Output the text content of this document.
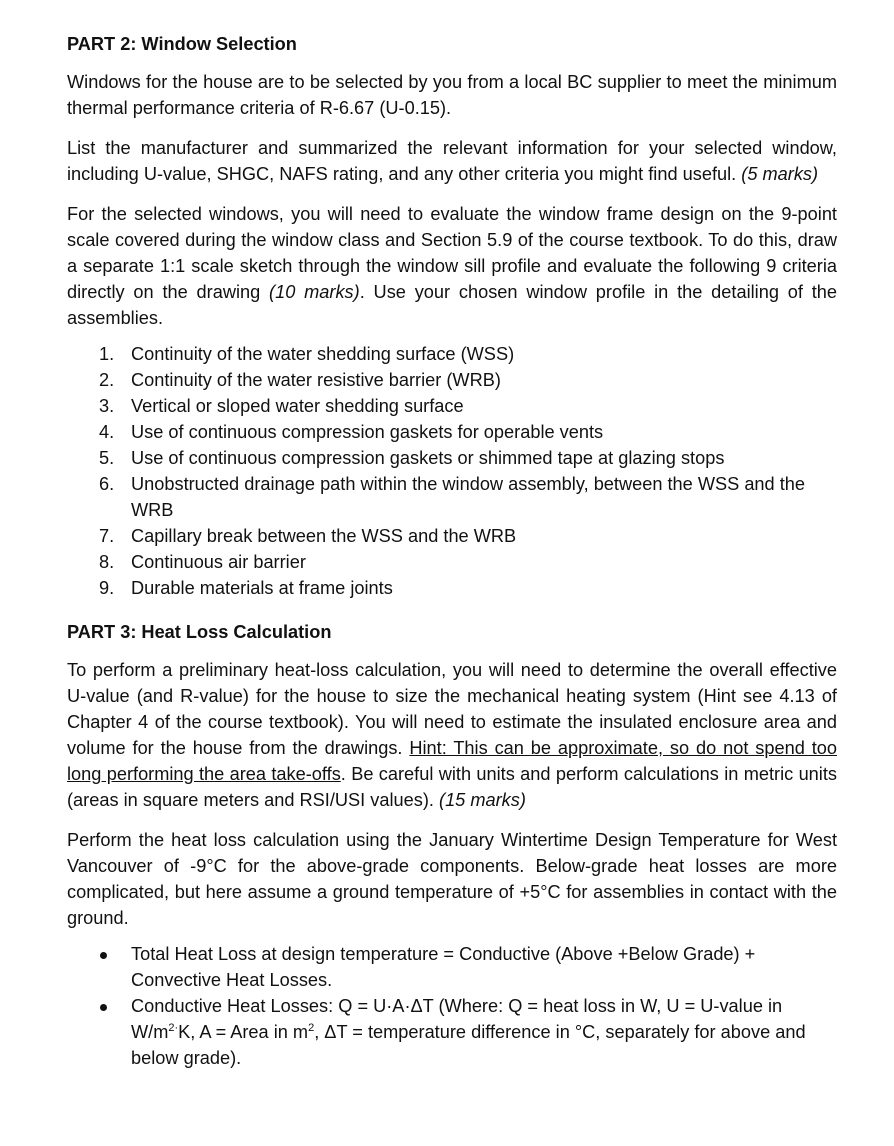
PART 2: Window Selection

Windows for the house are to be selected by you from a local BC supplier to meet the minimum thermal performance criteria of R-6.67 (U-0.15).

List the manufacturer and summarized the relevant information for your selected window, including U-value, SHGC, NAFS rating, and any other criteria you might find useful. (5 marks)

For the selected windows, you will need to evaluate the window frame design on the 9-point scale covered during the window class and Section 5.9 of the course textbook. To do this, draw a separate 1:1 scale sketch through the window sill profile and evaluate the following 9 criteria directly on the drawing (10 marks). Use your chosen window profile in the detailing of the assemblies.

1. Continuity of the water shedding surface (WSS)
2. Continuity of the water resistive barrier (WRB)
3. Vertical or sloped water shedding surface
4. Use of continuous compression gaskets for operable vents
5. Use of continuous compression gaskets or shimmed tape at glazing stops
6. Unobstructed drainage path within the window assembly, between the WSS and the WRB
7. Capillary break between the WSS and the WRB
8. Continuous air barrier
9. Durable materials at frame joints
PART 3: Heat Loss Calculation

To perform a preliminary heat-loss calculation, you will need to determine the overall effective U-value (and R-value) for the house to size the mechanical heating system (Hint see 4.13 of Chapter 4 of the course textbook). You will need to estimate the insulated enclosure area and volume for the house from the drawings. Hint: This can be approximate, so do not spend too long performing the area take-offs. Be careful with units and perform calculations in metric units (areas in square meters and RSI/USI values). (15 marks)

Perform the heat loss calculation using the January Wintertime Design Temperature for West Vancouver of -9°C for the above-grade components. Below-grade heat losses are more complicated, but here assume a ground temperature of +5°C for assemblies in contact with the ground.

Total Heat Loss at design temperature = Conductive (Above +Below Grade) + Convective Heat Losses.
Conductive Heat Losses: Q = U·A·ΔT (Where: Q = heat loss in W, U = U-value in $W/m^{2\cdot}K$, A = Area in $m^2$, ΔT = temperature difference in °C, separately for above and below grade).
